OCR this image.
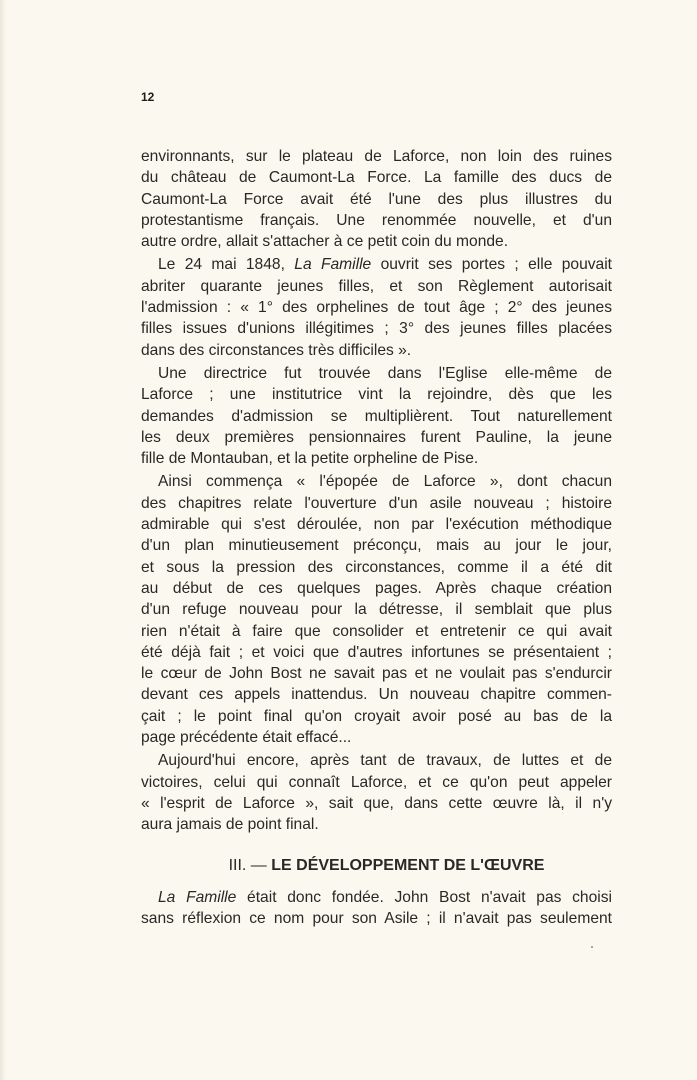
12

environnants, sur le plateau de Laforce, non loin des ruines
du château de Caumont-La Force. La famille des ducs de
Caumont-La Force avait été l'une des plus illustres du
protestantisme français. Une renommée nouvelle, et d'un
autre ordre, allait s'attacher à ce petit coin du monde.

Le 24 mai 1848, La Famille ouvrit ses portes ; elle pouvait
abriter quarante jeunes filles, et son Règlement autorisait
l'admission : « 1° des orphelines de tout âge ; 2° des jeunes
filles issues d'unions illégitimes ; 3° des jeunes filles placées
dans des circonstances très difficiles ».

Une directrice fut trouvée dans l'Eglise elle-même de
Laforce ; une institutrice vint la rejoindre, dès que les
demandes d'admission se multiplièrent. Tout naturellement
les deux premières pensionnaires furent Pauline, la jeune
fille de Montauban, et la petite orpheline de Pise.

Ainsi commença « l'épopée de Laforce », dont chacun
des chapitres relate l'ouverture d'un asile nouveau ; histoire
admirable qui s'est déroulée, non par l'exécution méthodique
d'un plan minutieusement préconçu, mais au jour le jour,
et sous la pression des circonstances, comme il a été dit
au début de ces quelques pages. Après chaque création
d'un refuge nouveau pour la détresse, il semblait que plus
rien n'était à faire que consolider et entretenir ce qui avait
été déjà fait ; et voici que d'autres infortunes se présentaient ;
le cœur de John Bost ne savait pas et ne voulait pas s'endurcir
devant ces appels inattendus. Un nouveau chapitre commen-
çait ; le point final qu'on croyait avoir posé au bas de la
page précédente était effacé...

Aujourd'hui encore, après tant de travaux, de luttes et de
victoires, celui qui connaît Laforce, et ce qu'on peut appeler
« l'esprit de Laforce », sait que, dans cette œuvre là, il n'y
aura jamais de point final.

III. — LE DÉVELOPPEMENT DE L'ŒUVRE

La Famille était donc fondée. John Bost n'avait pas choisi
sans réflexion ce nom pour son Asile ; il n'avait pas seulement
